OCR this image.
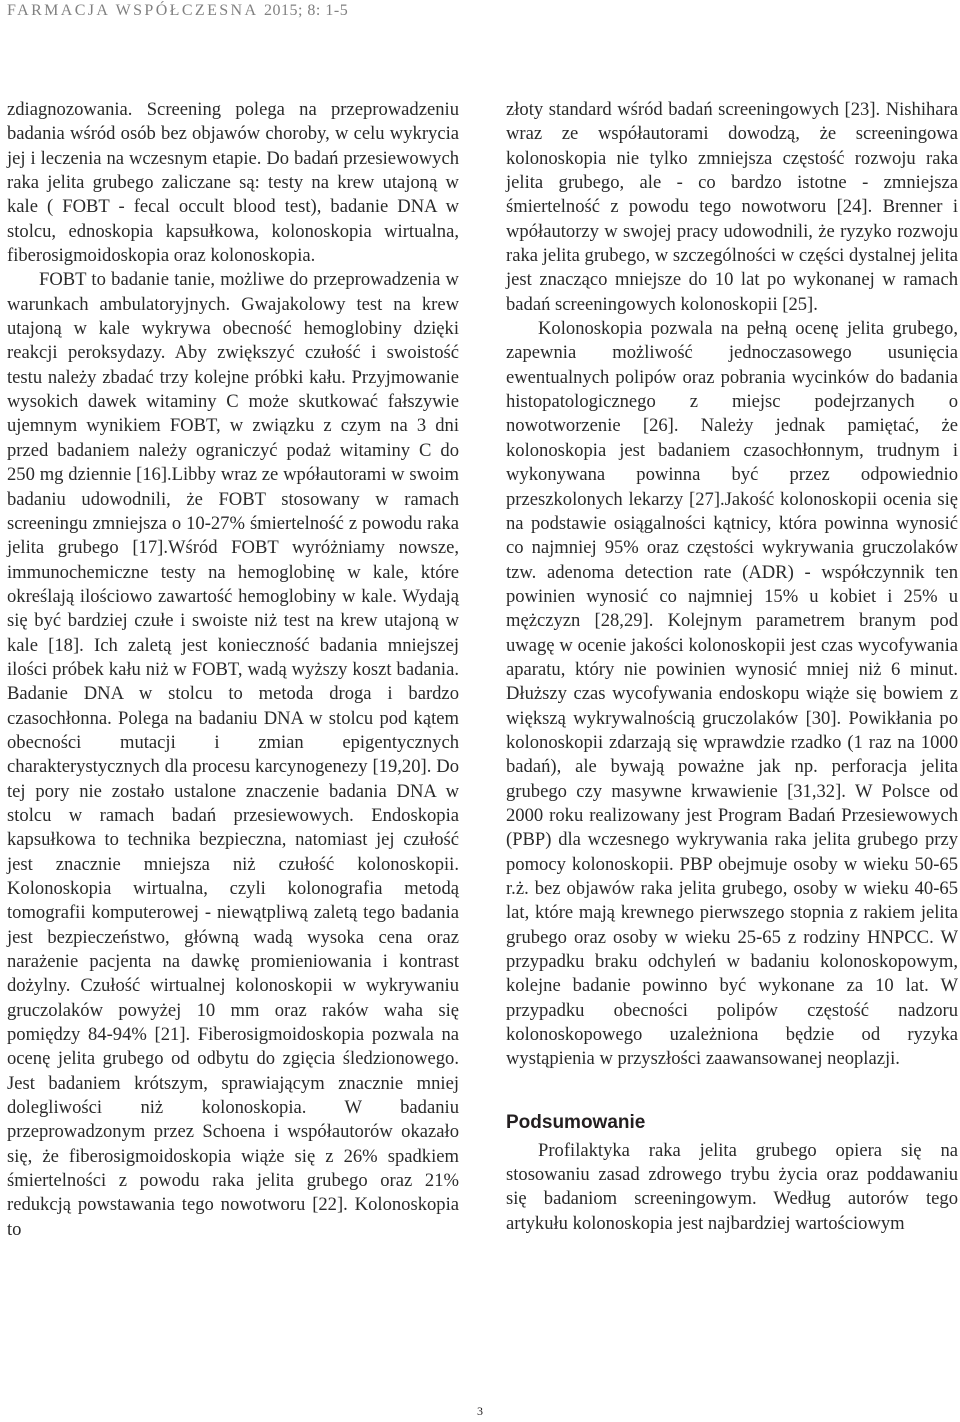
FARMACJA WSPÓŁCZESNA 2015; 8: 1-5

zdiagnozowania. Screening polega na przeprowadzeniu badania wśród osób bez objawów choroby, w celu wykrycia jej i leczenia na wczesnym etapie. Do badań przesiewowych raka jelita grubego zaliczane są: testy na krew utajoną w kale ( FOBT - fecal occult blood test), badanie DNA w stolcu, ednoskopia kapsułkowa, kolonoskopia wirtualna, fiberosigmoidoskopia oraz kolonoskopia.

FOBT to badanie tanie, możliwe do przeprowadzenia w warunkach ambulatoryjnych. Gwajakolowy test na krew utajoną w kale wykrywa obecność hemoglobiny dzięki reakcji peroksydazy. Aby zwiększyć czułość i swoistość testu należy zbadać trzy kolejne próbki kału. Przyjmowanie wysokich dawek witaminy C może skutkować fałszywie ujemnym wynikiem FOBT, w związku z czym na 3 dni przed badaniem należy ograniczyć podaż witaminy C do 250 mg dziennie [16].Libby wraz ze wpółautorami w swoim badaniu udowodnili, że FOBT stosowany w ramach screeningu zmniejsza o 10-27% śmiertelność z powodu raka jelita grubego [17].Wśród FOBT wyróżniamy nowsze, immunochemiczne testy na hemoglobinę w kale, które określają ilościowo zawartość hemoglobiny w kale. Wydają się być bardziej czułe i swoiste niż test na krew utajoną w kale [18]. Ich zaletą jest konieczność badania mniejszej ilości próbek kału niż w FOBT, wadą wyższy koszt badania. Badanie DNA w stolcu to metoda droga i bardzo czasochłonna. Polega na badaniu DNA w stolcu pod kątem obecności mutacji i zmian epigentycznych charakterystycznych dla procesu karcynogenezy [19,20]. Do tej pory nie zostało ustalone znaczenie badania DNA w stolcu w ramach badań przesiewowych. Endoskopia kapsułkowa to technika bezpieczna, natomiast jej czułość jest znacznie mniejsza niż czułość kolonoskopii. Kolonoskopia wirtualna, czyli kolonografia metodą tomografii komputerowej - niewątpliwą zaletą tego badania jest bezpieczeństwo, główną wadą wysoka cena oraz narażenie pacjenta na dawkę promieniowania i kontrast dożylny. Czułość wirtualnej kolonoskopii w wykrywaniu gruczolaków powyżej 10 mm oraz raków waha się pomiędzy 84-94% [21]. Fiberosigmoidoskopia pozwala na ocenę jelita grubego od odbytu do zgięcia śledzionowego. Jest badaniem krótszym, sprawiającym znacznie mniej dolegliwości niż kolonoskopia. W badaniu przeprowadzonym przez Schoena i współautorów okazało się, że fiberosigmoidoskopia wiąże się z 26% spadkiem śmiertelności z powodu raka jelita grubego oraz 21% redukcją powstawania tego nowotworu [22]. Kolonoskopia to

złoty standard wśród badań screeningowych [23]. Nishihara wraz ze współautorami dowodzą, że screeningowa kolonoskopia nie tylko zmniejsza częstość rozwoju raka jelita grubego, ale - co bardzo istotne - zmniejsza śmiertelność z powodu tego nowotworu [24]. Brenner i wpółautorzy w swojej pracy udowodnili, że ryzyko rozwoju raka jelita grubego, w szczególności w części dystalnej jelita jest znacząco mniejsze do 10 lat po wykonanej w ramach badań screeningowych kolonoskopii [25].

Kolonoskopia pozwala na pełną ocenę jelita grubego, zapewnia możliwość jednoczasowego usunięcia ewentualnych polipów oraz pobrania wycinków do badania histopatologicznego z miejsc podejrzanych o nowotworzenie [26]. Należy jednak pamiętać, że kolonoskopia jest badaniem czasochłonnym, trudnym i wykonywana powinna być przez odpowiednio przeszkolonych lekarzy [27].Jakość kolonoskopii ocenia się na podstawie osiągalności kątnicy, która powinna wynosić co najmniej 95% oraz częstości wykrywania gruczolaków tzw. adenoma detection rate (ADR) - współczynnik ten powinien wynosić co najmniej 15% u kobiet i 25% u mężczyzn [28,29]. Kolejnym parametrem branym pod uwagę w ocenie jakości kolonoskopii jest czas wycofywania aparatu, który nie powinien wynosić mniej niż 6 minut. Dłuższy czas wycofywania endoskopu wiąże się bowiem z większą wykrywalnością gruczolaków [30]. Powikłania po kolonoskopii zdarzają się wprawdzie rzadko (1 raz na 1000 badań), ale bywają poważne jak np. perforacja jelita grubego czy masywne krwawienie [31,32]. W Polsce od 2000 roku realizowany jest Program Badań Przesiewowych (PBP) dla wczesnego wykrywania raka jelita grubego przy pomocy kolonoskopii. PBP obejmuje osoby w wieku 50-65 r.ż. bez objawów raka jelita grubego, osoby w wieku 40-65 lat, które mają krewnego pierwszego stopnia z rakiem jelita grubego oraz osoby w wieku 25-65 z rodziny HNPCC. W przypadku braku odchyleń w badaniu kolonoskopowym, kolejne badanie powinno być wykonane za 10 lat. W przypadku obecności polipów częstość nadzoru kolonoskopowego uzależniona będzie od ryzyka wystąpienia w przyszłości zaawansowanej neoplazji.

Podsumowanie

Profilaktyka raka jelita grubego opiera się na stosowaniu zasad zdrowego trybu życia oraz poddawaniu się badaniom screeningowym. Według autorów tego artykułu kolonoskopia jest najbardziej wartościowym

3
